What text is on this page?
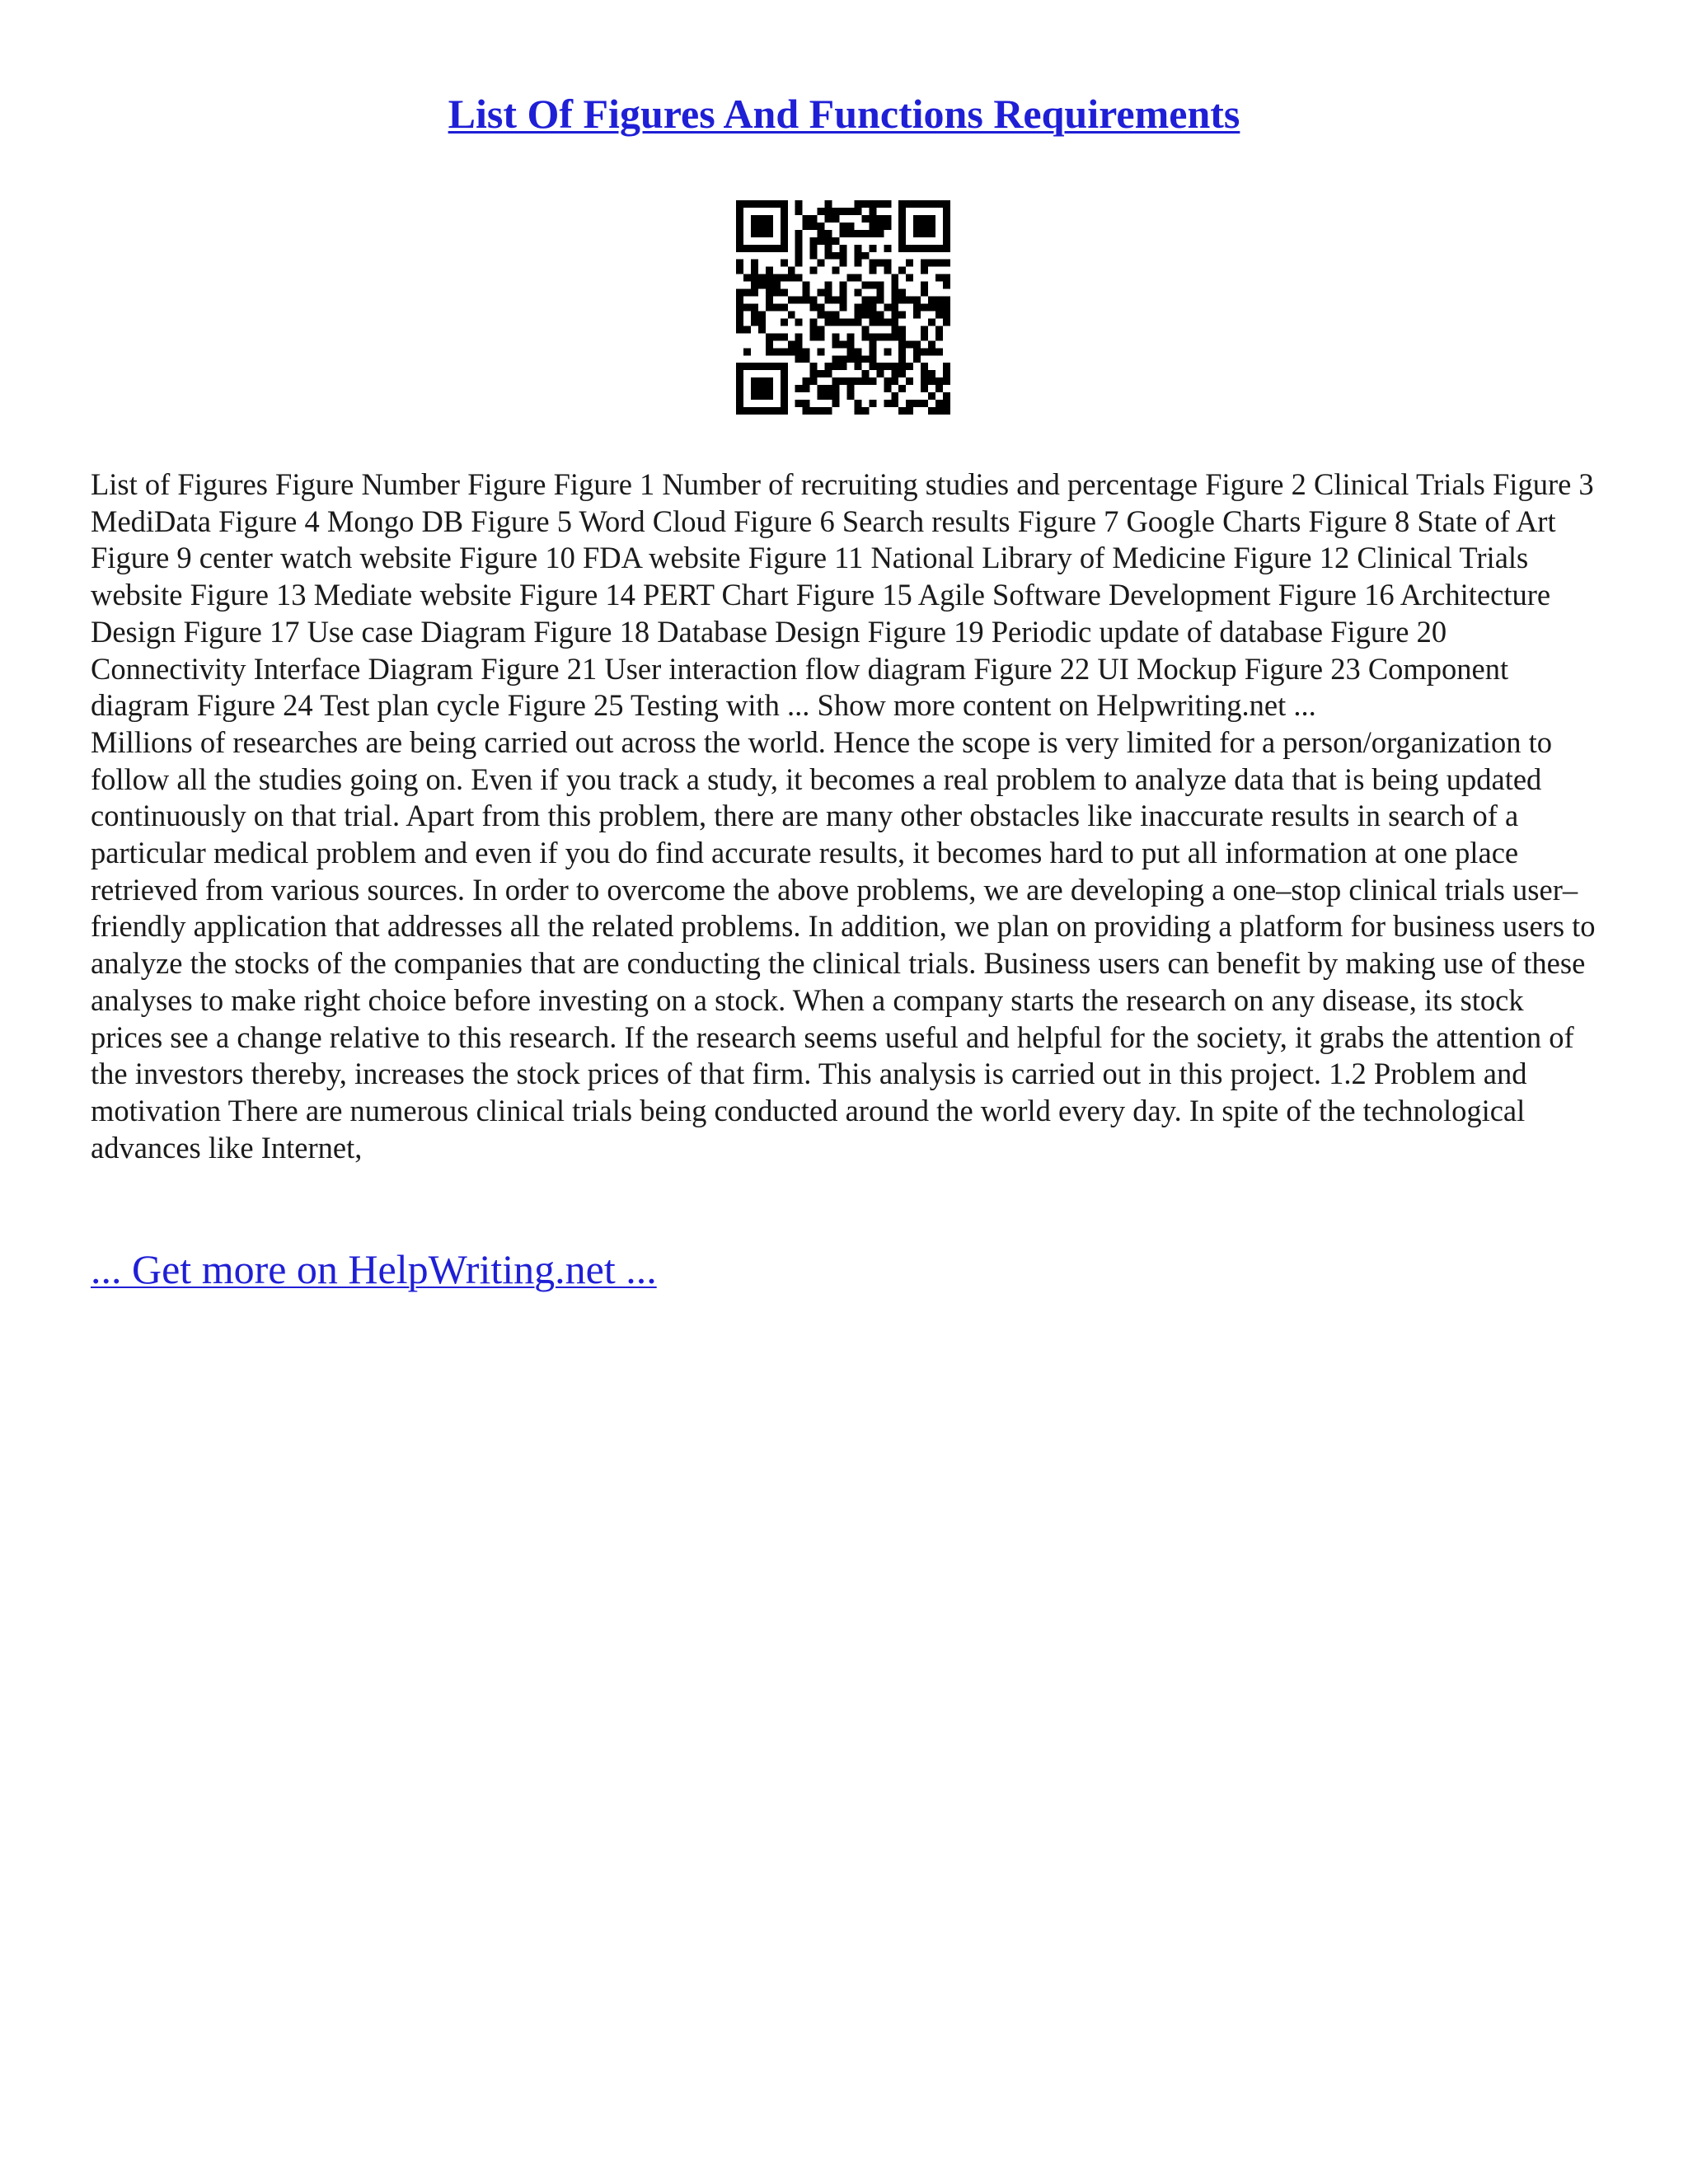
List Of Figures And Functions Requirements

List of Figures Figure Number Figure Figure 1 Number of recruiting studies and percentage Figure 2 Clinical Trials Figure 3 MediData Figure 4 Mongo DB Figure 5 Word Cloud Figure 6 Search results Figure 7 Google Charts Figure 8 State of Art Figure 9 center watch website Figure 10 FDA website Figure 11 National Library of Medicine Figure 12 Clinical Trials website Figure 13 Mediate website Figure 14 PERT Chart Figure 15 Agile Software Development Figure 16 Architecture Design Figure 17 Use case Diagram Figure 18 Database Design Figure 19 Periodic update of database Figure 20 Connectivity Interface Diagram Figure 21 User interaction flow diagram Figure 22 UI Mockup Figure 23 Component diagram Figure 24 Test plan cycle Figure 25 Testing with ... Show more content on Helpwriting.net ...

Millions of researches are being carried out across the world. Hence the scope is very limited for a person/organization to follow all the studies going on. Even if you track a study, it becomes a real problem to analyze data that is being updated continuously on that trial. Apart from this problem, there are many other obstacles like inaccurate results in search of a particular medical problem and even if you do find accurate results, it becomes hard to put all information at one place retrieved from various sources. In order to overcome the above problems, we are developing a one–stop clinical trials user–friendly application that addresses all the related problems. In addition, we plan on providing a platform for business users to analyze the stocks of the companies that are conducting the clinical trials. Business users can benefit by making use of these analyses to make right choice before investing on a stock. When a company starts the research on any disease, its stock prices see a change relative to this research. If the research seems useful and helpful for the society, it grabs the attention of the investors thereby, increases the stock prices of that firm. This analysis is carried out in this project. 1.2 Problem and motivation There are numerous clinical trials being conducted around the world every day. In spite of the technological advances like Internet,

... Get more on HelpWriting.net ...
